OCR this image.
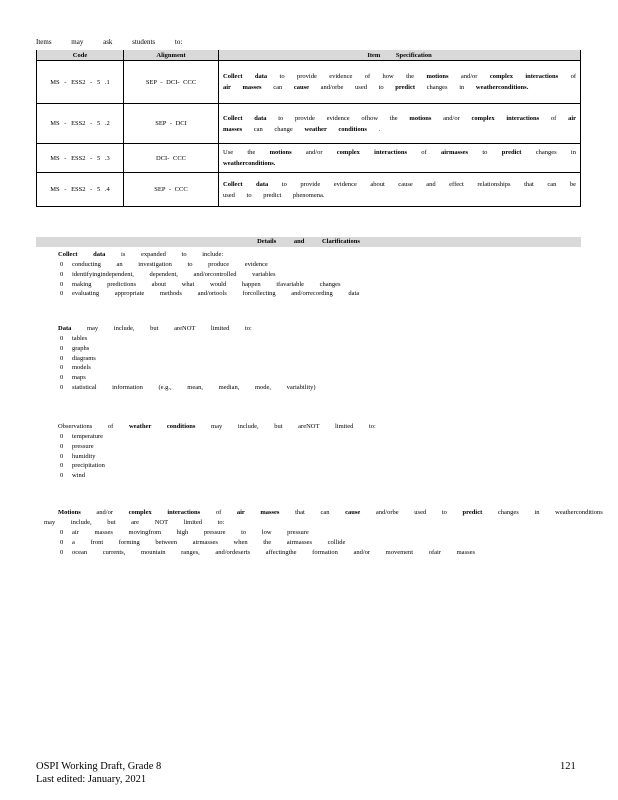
Items may ask students to:
Code	Alignment	Item Specification
MS - ESS2 - 5 .1	SEP - DCI- CCC	Collect data to provide evidence of how the motions and/or complex interactions of air masses can cause and/orbe used to predict changes in weatherconditions.
MS - ESS2 - 5 .2	SEP - DCI	Collect data to provide evidence ofhow the motions and/or complex interactions of air masses can change weather conditions .
MS - ESS2 - 5 .3	DCI- CCC	Use the motions and/or complex interactions of airmasses to predict changes in weatherconditions.
MS - ESS2 - 5 .4	SEP - CCC	Collect data to provide evidence about cause and effect relationships that can be used to predict phenomena.
Details and Clarifications
Collect data is expanded to include:
0 conducting an investigation to produce evidence
0 identifyingindependent, dependent, and/orcontrolled variables
0 making predictions about what would happen ifavariable changes
0 evaluating appropriate methods and/ortools forcollecting and/orrecording data
Data may include, but areNOT limited to:
0 tables
0 graphs
0 diagrams
0 models
0 maps
0 statistical information (e.g., mean, median, mode, variability)
Observations of weather conditions may include, but areNOT limited to:
0 temperature
0 pressure
0 humidity
0 precipitation
0 wind
Motions and/or complex interactions of air masses that can cause and/orbe used to predict changes in weatherconditions may include, but are NOT limited to:
0 air masses movingfrom high pressure to low pressure
0 a front forming between airmasses when the airmasses collide
0 ocean currents, mountain ranges, and/ordeserts affectingthe formation and/or movement ofair masses
OSPI Working Draft, Grade 8
Last edited: January, 2021
121
